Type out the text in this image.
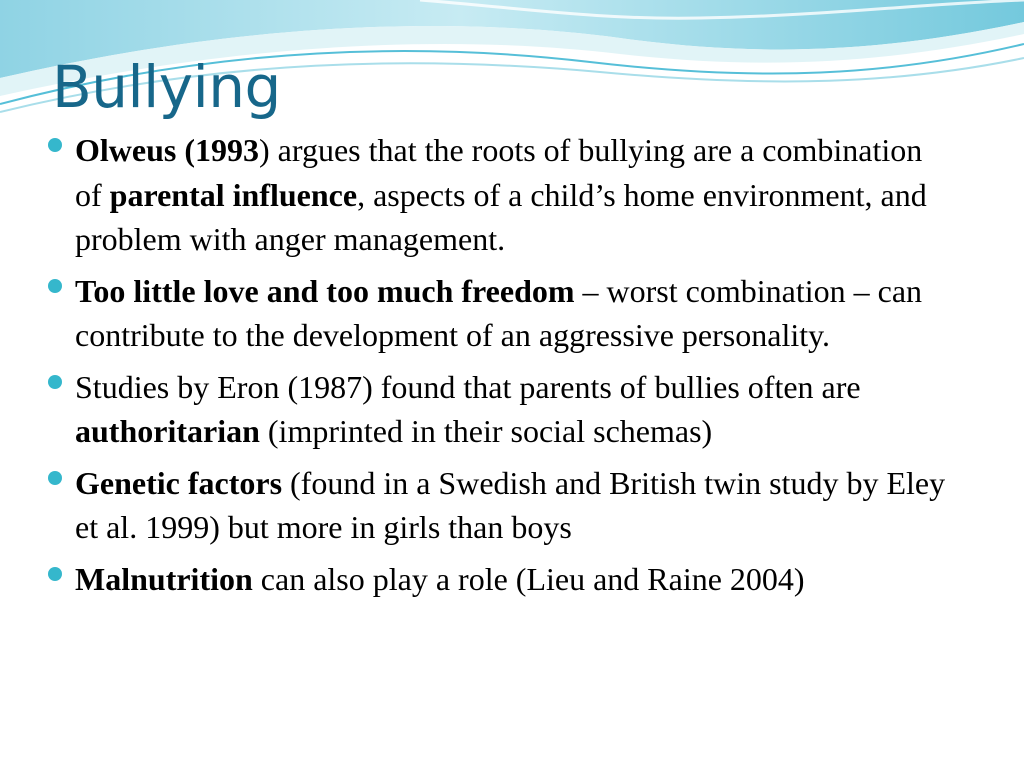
Bullying
Olweus (1993) argues that the roots of bullying are a combination of parental influence, aspects of a child’s home environment, and problem with anger management.
Too little love and too much freedom – worst combination – can contribute to the development of an aggressive personality.
Studies by Eron (1987) found that parents of bullies often are authoritarian (imprinted in their social schemas)
Genetic factors (found in a Swedish and British twin study by Eley et al. 1999) but more in girls than boys
Malnutrition can also play a role (Lieu and Raine 2004)
